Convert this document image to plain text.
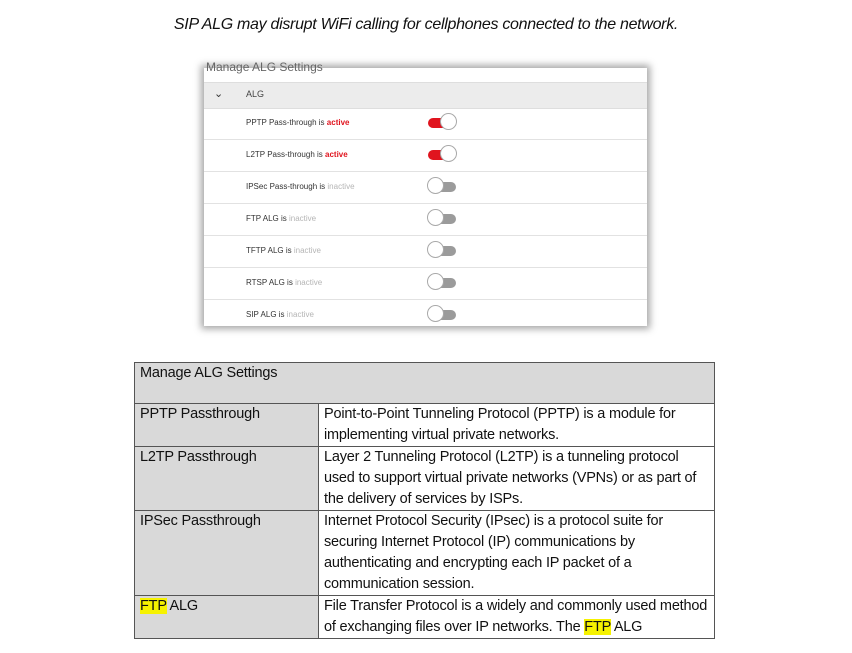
SIP ALG may disrupt WiFi calling for cellphones connected to the network.
Manage ALG Settings
⌄	ALG
PPTP Pass-through is active
L2TP Pass-through is active
IPSec Pass-through is inactive
FTP ALG is inactive
TFTP ALG is inactive
RTSP ALG is inactive
SIP ALG is inactive
Manage ALG Settings	
PPTP Passthrough	Point-to-Point Tunneling Protocol (PPTP) is a module for implementing virtual private networks.
L2TP Passthrough	Layer 2 Tunneling Protocol (L2TP) is a tunneling protocol used to support virtual private networks (VPNs) or as part of the delivery of services by ISPs.
IPSec Passthrough	Internet Protocol Security (IPsec) is a protocol suite for securing Internet Protocol (IP) communications by authenticating and encrypting each IP packet of a communication session.
FTP ALG	File Transfer Protocol is a widely and commonly used method of exchanging files over IP networks. The FTP ALG
